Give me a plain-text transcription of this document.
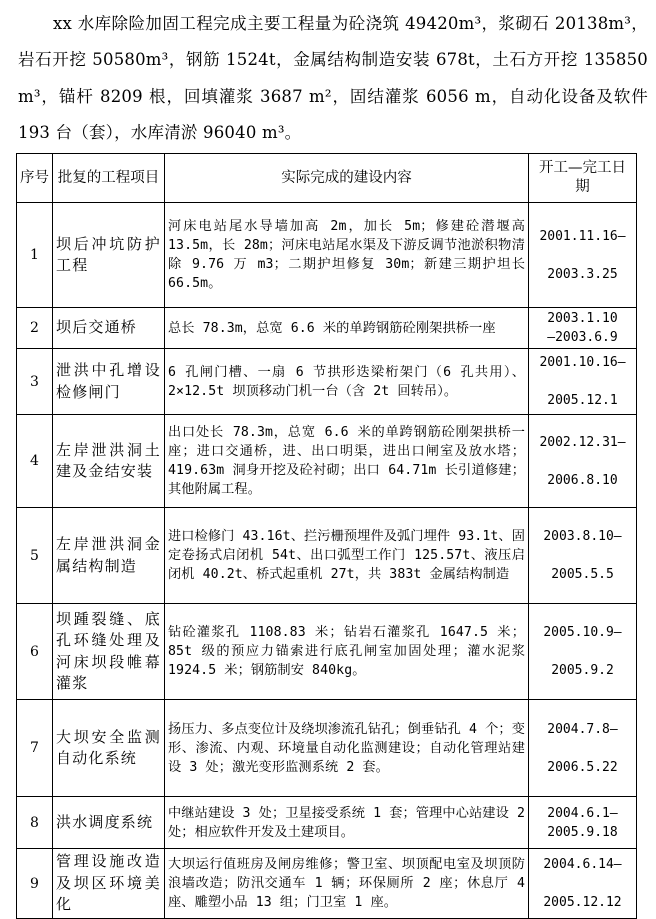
xx 水库除险加固工程完成主要工程量为砼浇筑 49420m³，浆砌石 20138m³，岩石开挖 50580m³，钢筋 1524t，金属结构制造安装 678t，土石方开挖 135850 m³，锚杆 8209 根，回填灌浆 3687 m²，固结灌浆 6056 m，自动化设备及软件 193 台（套），水库清淤 96040 m³。

序号	批复的工程项目	实际完成的建设内容	开工—完工日期
1	坝后冲坑防护工程	河床电站尾水导墙加高 2m，加长 5m；修建砼潜堰高 13.5m，长 28m；河床电站尾水渠及下游反调节池淤积物清除 9.76 万 m3；二期护坦修复 30m；新建三期护坦长 66.5m。	2001.11.16—

2003.3.25
2	坝后交通桥	总长 78.3m，总宽 6.6 米的单跨钢筋砼刚架拱桥一座	2003.1.10
—2003.6.9
3	泄洪中孔增设检修闸门	6 孔闸门槽、一扇 6 节拱形迭梁桁架门（6 孔共用）、2×12.5t 坝顶移动门机一台（含 2t 回转吊）。	2001.10.16—

2005.12.1
4	左岸泄洪洞土建及金结安装	出口处长 78.3m，总宽 6.6 米的单跨钢筋砼刚架拱桥一座；进口交通桥，进、出口明渠，进出口闸室及放水塔；419.63m 洞身开挖及砼衬砌；出口 64.71m 长引道修建；其他附属工程。	2002.12.31—

2006.8.10
5	左岸泄洪洞金属结构制造	进口检修门 43.16t、拦污栅预埋件及弧门埋件 93.1t、固定卷扬式启闭机 54t、出口弧型工作门 125.57t、液压启闭机 40.2t、桥式起重机 27t，共 383t 金属结构制造	2003.8.10—

2005.5.5
6	坝踵裂缝、底孔环缝处理及河床坝段帷幕灌浆	钻砼灌浆孔 1108.83 米；钻岩石灌浆孔 1647.5 米；85t 级的预应力锚索进行底孔闸室加固处理；灌水泥浆 1924.5 米；钢筋制安 840kg。	2005.10.9—

2005.9.2
7	大坝安全监测自动化系统	扬压力、多点变位计及绕坝渗流孔钻孔；倒垂钻孔 4 个；变形、渗流、内观、环境量自动化监测建设；自动化管理站建设 3 处；激光变形监测系统 2 套。	2004.7.8—

2006.5.22
8	洪水调度系统	中继站建设 3 处；卫星接受系统 1 套；管理中心站建设 2 处；相应软件开发及土建项目。	2004.6.1—
2005.9.18
9	管理设施改造及坝区环境美化	大坝运行值班房及闸房维修；警卫室、坝顶配电室及坝顶防浪墙改造；防汛交通车 1 辆；环保厕所 2 座；休息厅 4 座、雕塑小品 13 组；门卫室 1 座。	2004.6.14—

2005.12.12
